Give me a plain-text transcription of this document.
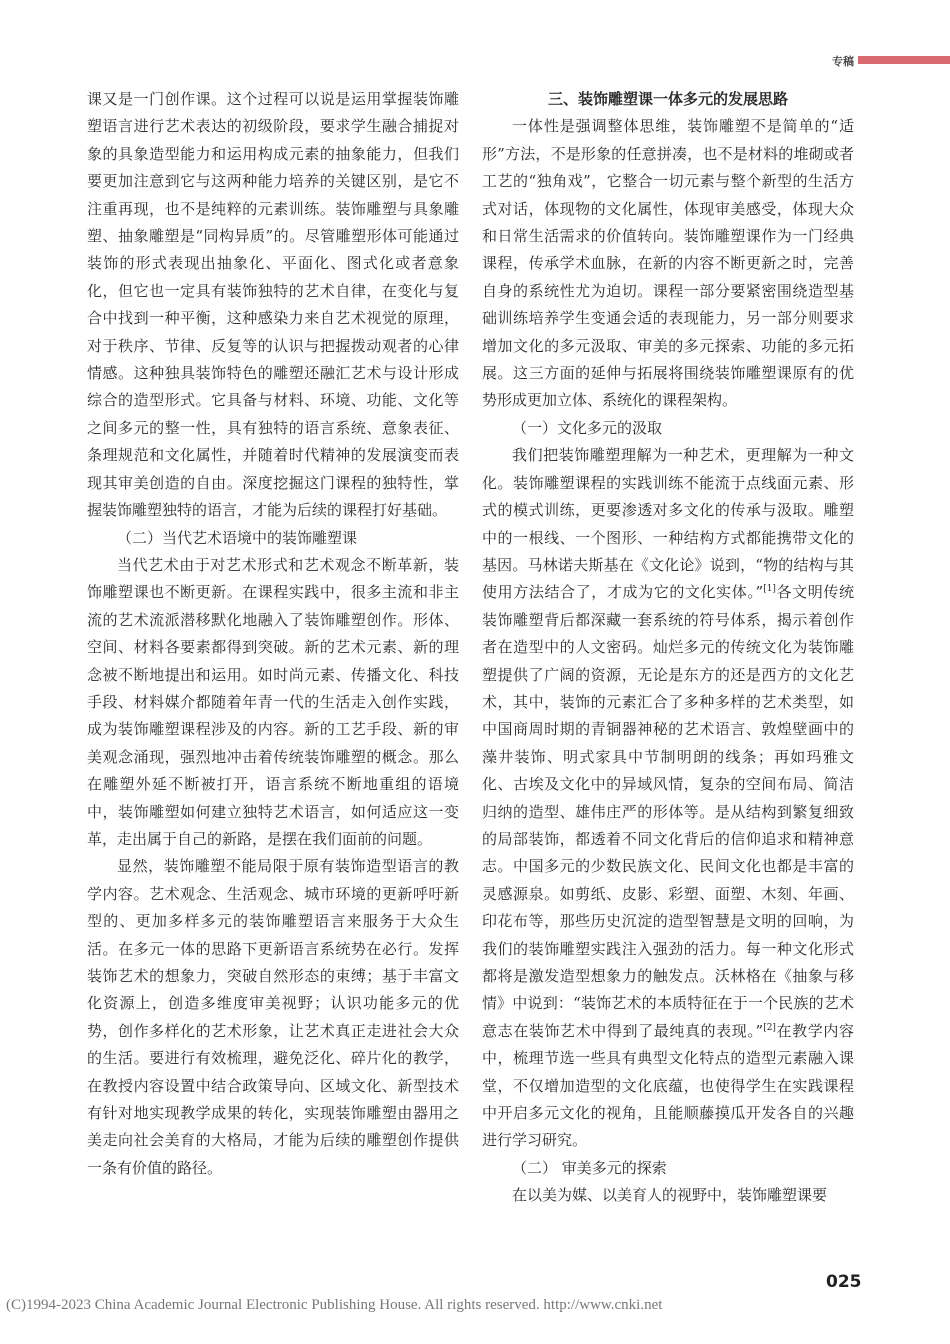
专稿

课又是一门创作课。这个过程可以说是运用掌握装饰雕塑语言进行艺术表达的初级阶段，要求学生融合捕捉对象的具象造型能力和运用构成元素的抽象能力，但我们要更加注意到它与这两种能力培养的关键区别，是它不注重再现，也不是纯粹的元素训练。装饰雕塑与具象雕塑、抽象雕塑是“同构异质”的。尽管雕塑形体可能通过装饰的形式表现出抽象化、平面化、图式化或者意象化，但它也一定具有装饰独特的艺术自律，在变化与复合中找到一种平衡，这种感染力来自艺术视觉的原理，对于秩序、节律、反复等的认识与把握拨动观者的心律情感。这种独具装饰特色的雕塑还融汇艺术与设计形成综合的造型形式。它具备与材料、环境、功能、文化等之间多元的整一性，具有独特的语言系统、意象表征、条理规范和文化属性，并随着时代精神的发展演变而表现其审美创造的自由。深度挖掘这门课程的独特性，掌握装饰雕塑独特的语言，才能为后续的课程打好基础。

（二）当代艺术语境中的装饰雕塑课

当代艺术由于对艺术形式和艺术观念不断革新，装饰雕塑课也不断更新。在课程实践中，很多主流和非主流的艺术流派潜移默化地融入了装饰雕塑创作。形体、空间、材料各要素都得到突破。新的艺术元素、新的理念被不断地提出和运用。如时尚元素、传播文化、科技手段、材料媒介都随着年青一代的生活走入创作实践，成为装饰雕塑课程涉及的内容。新的工艺手段、新的审美观念涌现，强烈地冲击着传统装饰雕塑的概念。那么在雕塑外延不断被打开，语言系统不断地重组的语境中，装饰雕塑如何建立独特艺术语言，如何适应这一变革，走出属于自己的新路，是摆在我们面前的问题。

显然，装饰雕塑不能局限于原有装饰造型语言的教学内容。艺术观念、生活观念、城市环境的更新呼吁新型的、更加多样多元的装饰雕塑语言来服务于大众生活。在多元一体的思路下更新语言系统势在必行。发挥装饰艺术的想象力，突破自然形态的束缚；基于丰富文化资源上，创造多维度审美视野；认识功能多元的优势，创作多样化的艺术形象，让艺术真正走进社会大众的生活。要进行有效梳理，避免泛化、碎片化的教学，在教授内容设置中结合政策导向、区域文化、新型技术有针对地实现教学成果的转化，实现装饰雕塑由器用之美走向社会美育的大格局，才能为后续的雕塑创作提供一条有价值的路径。

三、装饰雕塑课一体多元的发展思路

一体性是强调整体思维，装饰雕塑不是简单的“适形”方法，不是形象的任意拼凑，也不是材料的堆砌或者工艺的“独角戏”，它整合一切元素与整个新型的生活方式对话，体现物的文化属性，体现审美感受，体现大众和日常生活需求的价值转向。装饰雕塑课作为一门经典课程，传承学术血脉，在新的内容不断更新之时，完善自身的系统性尤为迫切。课程一部分要紧密围绕造型基础训练培养学生变通会适的表现能力，另一部分则要求增加文化的多元汲取、审美的多元探索、功能的多元拓展。这三方面的延伸与拓展将围绕装饰雕塑课原有的优势形成更加立体、系统化的课程架构。

（一）文化多元的汲取

我们把装饰雕塑理解为一种艺术，更理解为一种文化。装饰雕塑课程的实践训练不能流于点线面元素、形式的模式训练，更要渗透对多文化的传承与汲取。雕塑中的一根线、一个图形、一种结构方式都能携带文化的基因。马林诺夫斯基在《文化论》说到，“物的结构与其使用方法结合了，才成为它的文化实体。”[1]各文明传统装饰雕塑背后都深藏一套系统的符号体系，揭示着创作者在造型中的人文密码。灿烂多元的传统文化为装饰雕塑提供了广阔的资源，无论是东方的还是西方的文化艺术，其中，装饰的元素汇合了多种多样的艺术类型，如中国商周时期的青铜器神秘的艺术语言、敦煌壁画中的藻井装饰、明式家具中节制明朗的线条；再如玛雅文化、古埃及文化中的异域风情，复杂的空间布局、简洁归纳的造型、雄伟庄严的形体等。是从结构到繁复细致的局部装饰，都透着不同文化背后的信仰追求和精神意志。中国多元的少数民族文化、民间文化也都是丰富的灵感源泉。如剪纸、皮影、彩塑、面塑、木刻、年画、印花布等，那些历史沉淀的造型智慧是文明的回响，为我们的装饰雕塑实践注入强劲的活力。每一种文化形式都将是激发造型想象力的触发点。沃林格在《抽象与移情》中说到：“装饰艺术的本质特征在于一个民族的艺术意志在装饰艺术中得到了最纯真的表现。”[2]在教学内容中，梳理节选一些具有典型文化特点的造型元素融入课堂，不仅增加造型的文化底蕴，也使得学生在实践课程中开启多元文化的视角，且能顺藤摸瓜开发各自的兴趣进行学习研究。

（二） 审美多元的探索

在以美为媒、以美育人的视野中，装饰雕塑课要

025
(C)1994-2023 China Academic Journal Electronic Publishing House. All rights reserved. http://www.cnki.net
